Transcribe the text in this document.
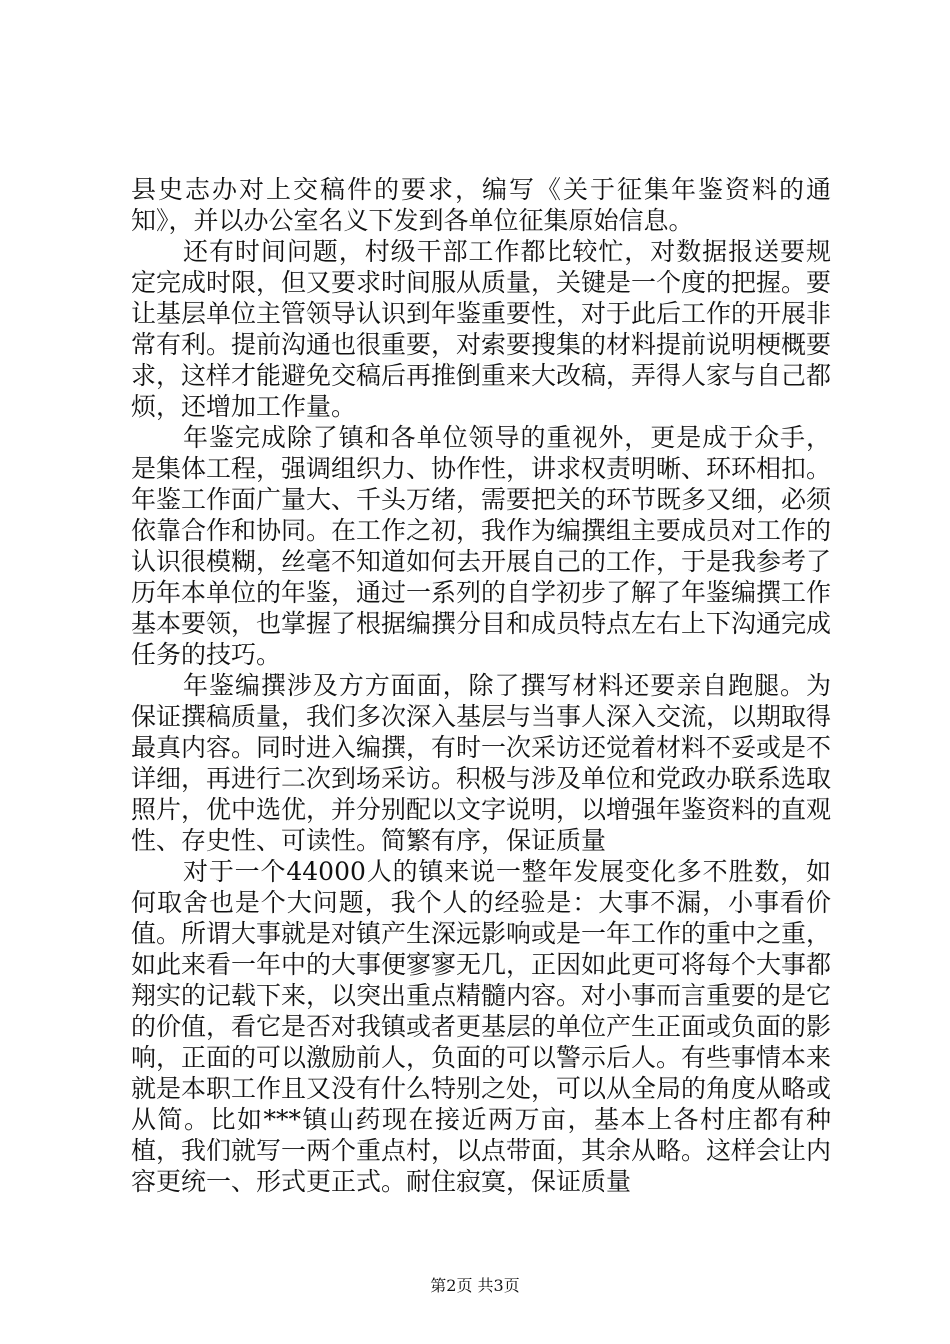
县史志办对上交稿件的要求，编写《关于征集年鉴资料的通知》，并以办公室名义下发到各单位征集原始信息。

还有时间问题，村级干部工作都比较忙，对数据报送要规定完成时限，但又要求时间服从质量，关键是一个度的把握。要让基层单位主管领导认识到年鉴重要性，对于此后工作的开展非常有利。提前沟通也很重要，对索要搜集的材料提前说明梗概要求，这样才能避免交稿后再推倒重来大改稿，弄得人家与自己都烦，还增加工作量。

年鉴完成除了镇和各单位领导的重视外，更是成于众手，是集体工程，强调组织力、协作性，讲求权责明晰、环环相扣。年鉴工作面广量大、千头万绪，需要把关的环节既多又细，必须依靠合作和协同。在工作之初，我作为编撰组主要成员对工作的认识很模糊，丝毫不知道如何去开展自己的工作，于是我参考了历年本单位的年鉴，通过一系列的自学初步了解了年鉴编撰工作基本要领，也掌握了根据编撰分目和成员特点左右上下沟通完成任务的技巧。

年鉴编撰涉及方方面面，除了撰写材料还要亲自跑腿。为保证撰稿质量，我们多次深入基层与当事人深入交流，以期取得最真内容。同时进入编撰，有时一次采访还觉着材料不妥或是不详细，再进行二次到场采访。积极与涉及单位和党政办联系选取照片，优中选优，并分别配以文字说明，以增强年鉴资料的直观性、存史性、可读性。简繁有序，保证质量

对于一个44000人的镇来说一整年发展变化多不胜数，如何取舍也是个大问题，我个人的经验是：大事不漏，小事看价值。所谓大事就是对镇产生深远影响或是一年工作的重中之重，如此来看一年中的大事便寥寥无几，正因如此更可将每个大事都翔实的记载下来，以突出重点精髓内容。对小事而言重要的是它的价值，看它是否对我镇或者更基层的单位产生正面或负面的影响，正面的可以激励前人，负面的可以警示后人。有些事情本来就是本职工作且又没有什么特别之处，可以从全局的角度从略或从简。比如***镇山药现在接近两万亩，基本上各村庄都有种植，我们就写一两个重点村，以点带面，其余从略。这样会让内容更统一、形式更正式。耐住寂寞，保证质量

第2页 共3页
